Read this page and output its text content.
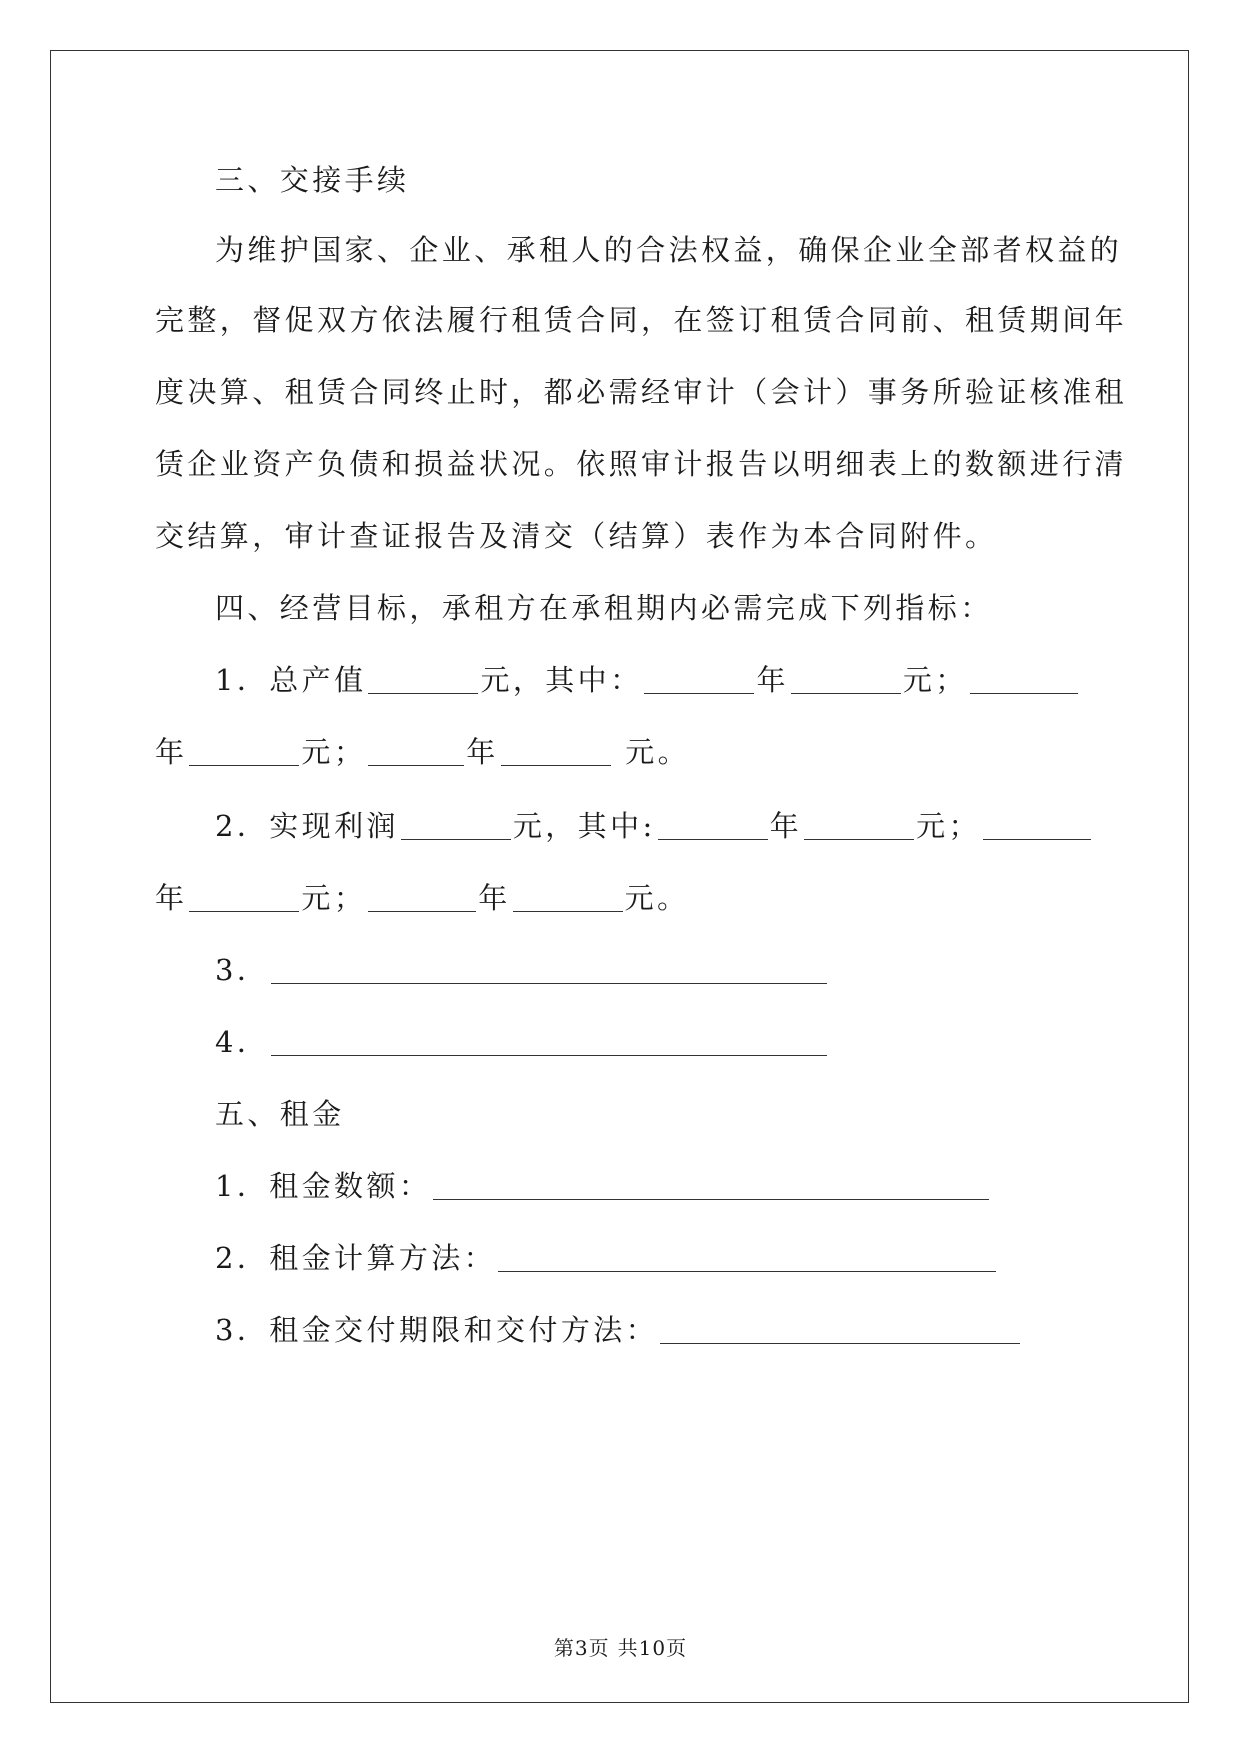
三、交接手续
为维护国家、企业、承租人的合法权益，确保企业全部者权益的
完整，督促双方依法履行租赁合同，在签订租赁合同前、租赁期间年
度决算、租赁合同终止时，都必需经审计（会计）事务所验证核准租
赁企业资产负债和损益状况。依照审计报告以明细表上的数额进行清
交结算，审计查证报告及清交（结算）表作为本合同附件。
四、经营目标，承租方在承租期内必需完成下列指标：
1．总产值	元，其中：	年	元；
年	元；	年	元。
2．实现利润	元，其中:	年	元；
年	元；	年	元。
3．
4．
五、租金
1．租金数额：
2．租金计算方法：
3．租金交付期限和交付方法：
第3页 共10页
